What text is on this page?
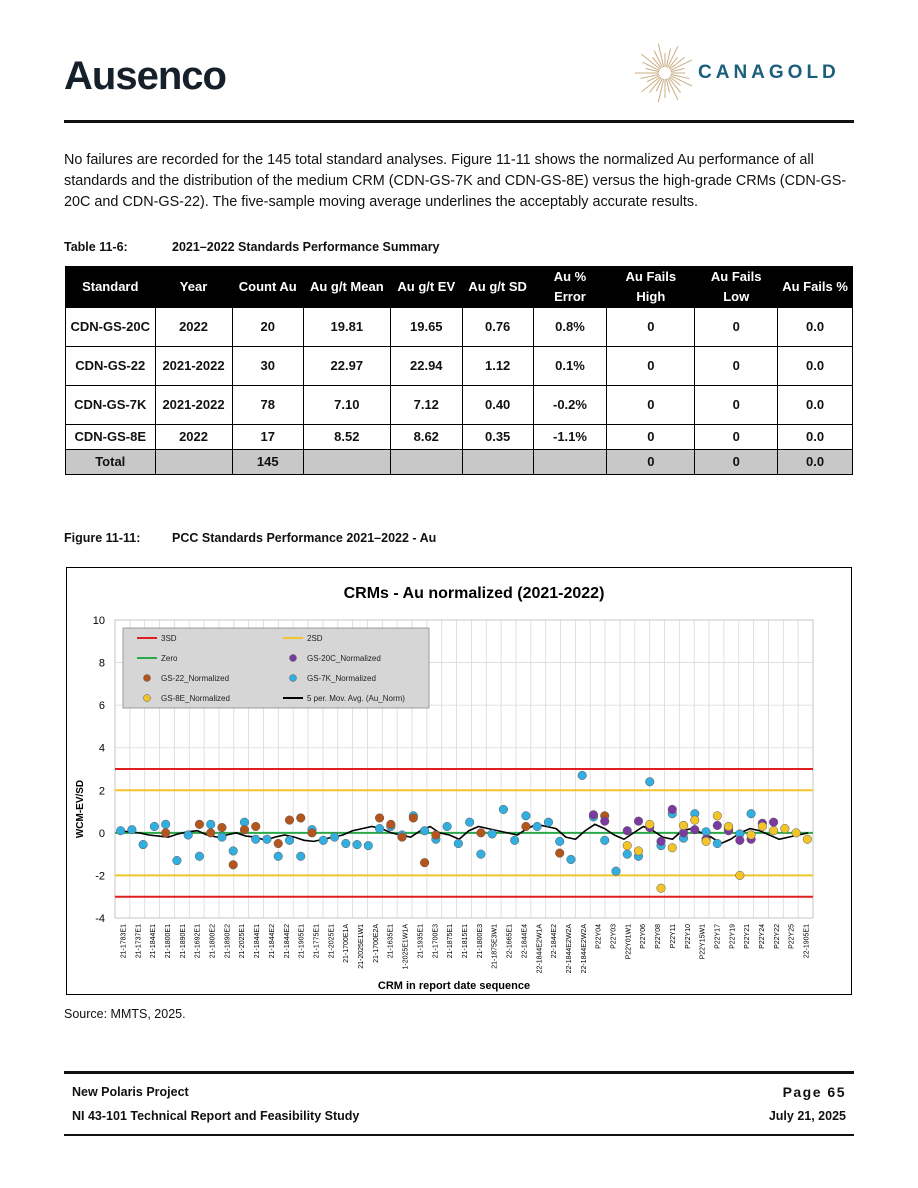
Ausenco	CANAGOLD
No failures are recorded for the 145 total standard analyses. Figure 11-11 shows the normalized Au performance of all standards and the distribution of the medium CRM (CDN-GS-7K and CDN-GS-8E) versus the high-grade CRMs (CDN-GS-20C and CDN-GS-22). The five-sample moving average underlines the acceptably accurate results.
Table 11-6:	2021–2022 Standards Performance Summary
Standard	Year	Count Au	Au g/t Mean	Au g/t EV	Au g/t SD	Au % Error	Au Fails High	Au Fails Low	Au Fails %
CDN-GS-20C	2022	20	19.81	19.65	0.76	0.8%	0	0	0.0
CDN-GS-22	2021-2022	30	22.97	22.94	1.12	0.1%	0	0	0.0
CDN-GS-7K	2021-2022	78	7.10	7.12	0.40	-0.2%	0	0	0.0
CDN-GS-8E	2022	17	8.52	8.62	0.35	-1.1%	0	0	0.0
Total		145					0	0	0.0
Figure 11-11:	PCC Standards Performance 2021–2022 - Au
CRMs - Au normalized (2021-2022)
-4
-2
0
2
4
6
8
10
3SD	2SD
Zero	GS-20C_Normalized
GS-22_Normalized	GS-7K_Normalized
GS-8E_Normalized	5 per. Mov. Avg. (Au_Norm)
21-1783E1 21-1737E1 21-1844E1 21-1800E1 21-1890E1 21-1692E1 21-1800E2 21-1890E2 21-2025E1 21-1844E1 21-1844E2 21-1844E2 21-1905E1 21-1775E1 21-2025E1 21-1700E1A 21-2025E1W1 21-1700E2A 21-1635E1 1-2025E1W1A 21-1935E1 21-1700E3 21-1875E1 21-1815E1 21-1800E3 21-1875E3W1 22-1665E1 22-1844E4 22-1844E2W1A 22-1844E2 22-1844E2W2A 22-1844E2W2A P22Y04 P22Y03 P22Y01W1 P22Y06 P22Y08 P22Y11 P22Y10 P22Y15W1 P22Y17 P22Y19 P22Y21 P22Y24 P22Y22 P22Y25 22-1905E1
CRM in report date sequence
WCM-EV/SD
Source: MMTS, 2025.
New Polaris Project
NI 43-101 Technical Report and Feasibility Study
Page 65
July 21, 2025
